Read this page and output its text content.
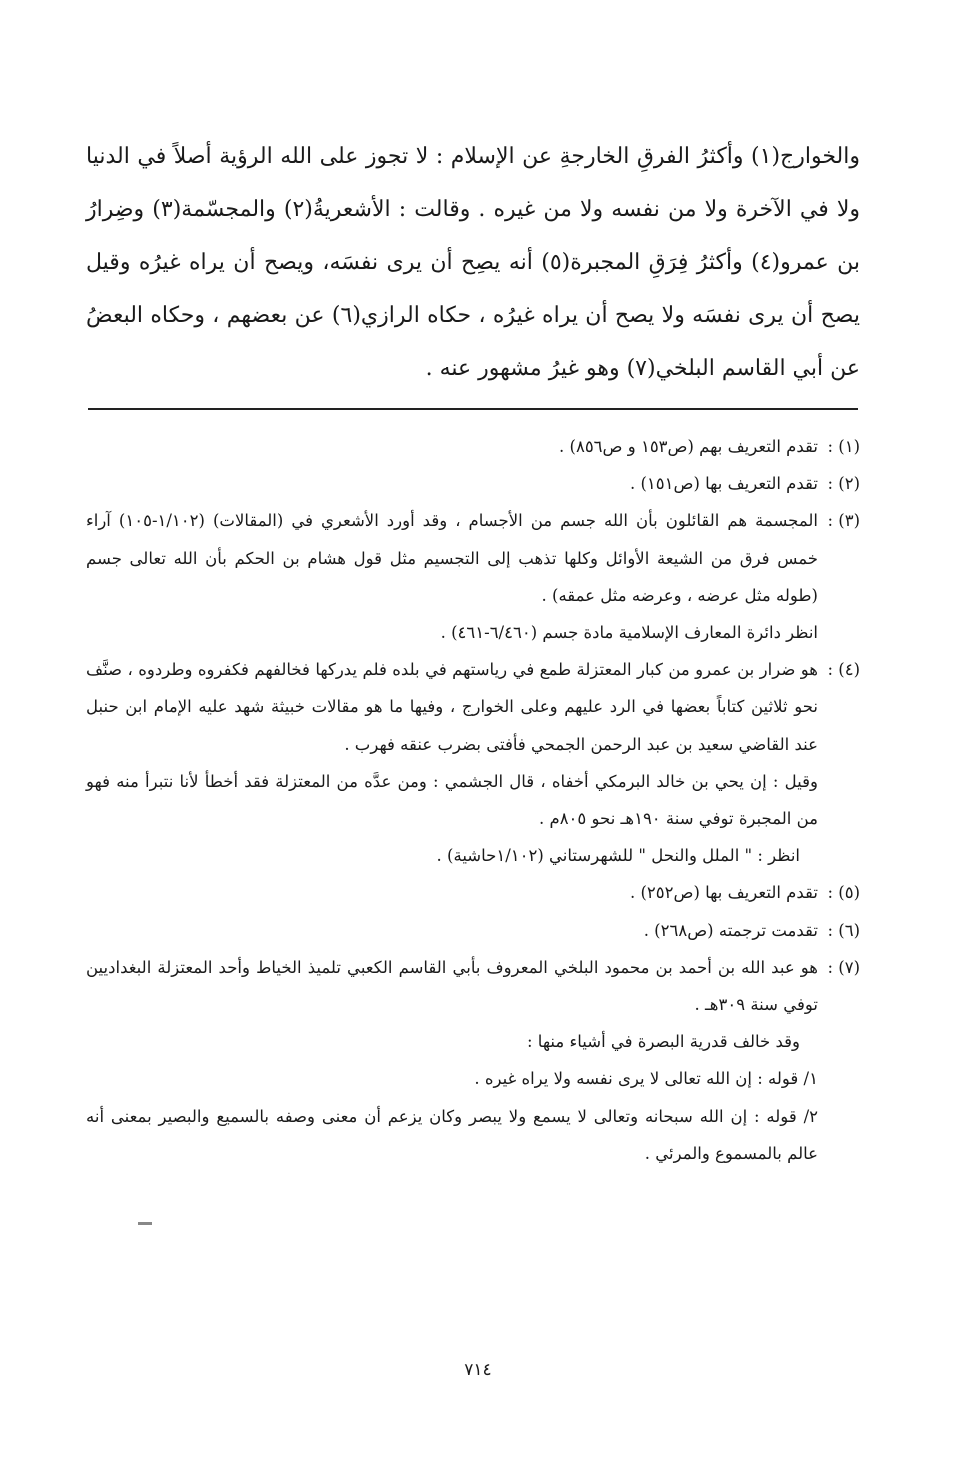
والخوارج(١) وأكثرُ الفرقِ الخارجةِ عن الإسلام : لا تجوز على الله الرؤية أصلاً في الدنيا ولا في الآخرة ولا من نفسه ولا من غيره . وقالت : الأشعريةُ(٢) والمجسّمة(٣) وضِرارُ بن عمرو(٤) وأكثرُ فِرَقِ المجبرة(٥) أنه يصِح أن يرى نفسَه، ويصح أن يراه غيرُه وقيل يصح أن يرى نفسَه ولا يصح أن يراه غيرُه ، حكاه الرازي(٦) عن بعضهم ، وحكاه البعضُ عن أبي القاسم البلخي(٧) وهو غيرُ مشهور عنه .

(١) :
تقدم التعريف بهم (ص١٥٣ و ص٨٥٦) .
(٢) :
تقدم التعريف بها (ص١٥١) .
(٣) :
المجسمة هم القائلون بأن الله جسم من الأجسام ، وقد أورد الأشعري في (المقالات) (١/١٠٢-١٠٥) آراء خمس فرق من الشيعة الأوائل وكلها تذهب إلى التجسيم مثل قول هشام بن الحكم بأن الله تعالى جسم (طوله مثل عرضه ، وعرضه مثل عمقه) .
انظر دائرة المعارف الإسلامية مادة جسم (٦/٤٦٠-٤٦١) .
(٤) :
هو ضرار بن عمرو من كبار المعتزلة طمع في رياستهم في بلده فلم يدركها فخالفهم فكفروه وطردوه ، صنَّف نحو ثلاثين كتاباً بعضها في الرد عليهم وعلى الخوارج ، وفيها ما هو مقالات خبيثة شهد عليه الإمام ابن حنبل عند القاضي سعيد بن عبد الرحمن الجمحي فأفتى بضرب عنقه فهرب .
وقيل : إن يحي بن خالد البرمكي أخفاه ، قال الجشمي : ومن عدَّه من المعتزلة فقد أخطأ لأنا نتبرأ منه فهو من المجبرة توفي سنة ١٩٠هـ نحو ٨٠٥م .
انظر : " الملل والنحل " للشهرستاني (١/١٠٢حاشية) .
(٥) :
تقدم التعريف بها (ص٢٥٢) .
(٦) :
تقدمت ترجمته (ص٢٦٨) .
(٧) :
هو عبد الله بن أحمد بن محمود البلخي المعروف بأبي القاسم الكعبي تلميذ الخياط وأحد المعتزلة البغداديين توفي سنة ٣٠٩هـ .
وقد خالف قدرية البصرة في أشياء منها :
١/ قوله : إن الله تعالى لا يرى نفسه ولا يراه غيره .
٢/ قوله : إن الله سبحانه وتعالى لا يسمع ولا يبصر وكان يزعم أن معنى وصفه بالسميع والبصير بمعنى أنه عالم بالمسموع والمرئي .
٧١٤
